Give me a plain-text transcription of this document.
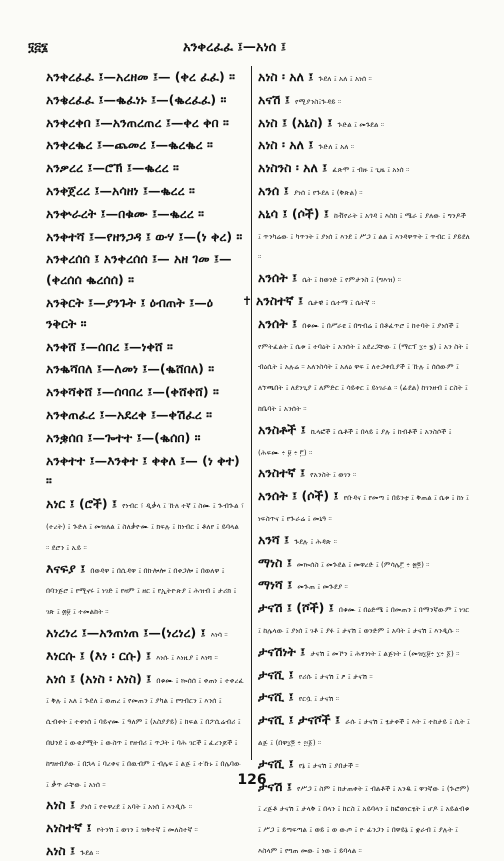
፶፭፮	አንቀረፈፈ ፤—አነሰ ፤
አንቀረፈፈ ፤—አረዘመ ፤— (ቀረ ፈፈ) ።
አንቄረፈፈ ፤—ቈፈነኑ ፤—(ቈረፈፈ) ።
አንቀረቀበ ፤—አንጠረጠረ ፤—ቀረ ቀበ ።
አንቀረቈረ ፤—ጨመረ ፤—ቈረቈረ ።
አንቃረረ ፤—ሮኽ ፤—ቈረረ ።
አንቀጀረረ ፤—አሳዘነ ፤—ቈረረ ።
አንቍራረት ፤—በቁሙ ፤—ቈረረ ።
አንቀተሻ ፤—የዘንጋዳ ፤ ውሃ ፤—(ነ ቀረ) ።
አንቀረሰሰ ፤ አንቀረሰሰ ፤— አዘ ገመ ፤—(ቀረሰሰ ቈረሰሰ) ።
አንቅርት ፤—ያንጉት ፤ ዕብጠት ፤—ዕ ንቅርት ።
አንቀሸ ፤—ሰበረ ፤—ነቀሸ ።
አንቈሻበለ ፤—ለመነ ፤—(ቈሸበለ) ።
አንቀሻቀሸ ፤—ሰባበረ ፤—(ቀሸቀሸ) ።
አንቀጠፈረ ፤—አደረቀ ፤—ቀሽፈረ ።
አንቌሰበ ፤—ጐተተ ፤—(ቈሰበ) ።
አንቀተተ ፤—እንቀተ ፤ ቀቀለ ፤— (ነ ቀተ) ።
አነር ፤ (ሮች) ፤ የነብር ፣ ዲቃላ ፤ ኹለ ተኛ ፤ ስሙ ፤ ጕብጕል ፣ (ተረት) ፤ ጕድለ ፤ መዝለል ፤ ስለቃዮሙ ፤ ክፍሉ ፤ ከነብር ፤ ቶለየ ፤ ይባላል ። ደሮን ፤ ኡይ ።
እናፍያ ፤ በወዳዋ ፤ በሲዳዋ ፤ በኩሎሎ ፤ በቀጋሎ ፤ በወለዋ ፤ በባንጅሮ ፤ የሚኖሩ ፤ ነገድ ፤ የዛም ፤ ዘር ፤ የኢትዮጵያ ፤ ሕዝብ ፤ ታሪክ ፤ ገጽ ፤ ፴፱ ፤ ተመልከት ።
አነረነረ ፤—አንጠነጠ ፤—(ነረነረ) ፤ እነሳ ።
እነርሱ ፤ (እነ ፡ ርሱ) ፤ እነሱ ፤ እነዚያ ፤ እነሻ ።
አነሰ ፤ (አነስ ፡ አነስ) ፤ በቁሙ ፤ ኰሰሰ ፤ ቀጠነ ፤ ተቀረፈ ፤ ቅሉ ፤ አለ ፤ ጕደለ ፤ ወጠረ ፤ የመጠን ፤ ያካል ፤ የግብርን ፤ እንሰ ፤ ሲብቀት ፤ ተቀነሰ ፤ ባይኖሙ ፤ ዓለም ፤ (አስያያይ) ፤ ከፍል ፤ በፖሲሬብሪ ፤ በህንደ ፤ ውቂያሚት ፤ ውስጥ ፤ የዘብሪ ፤ ጥጋት ፤ ባሕ ገርች ፤ ፈረንጆች ፤ ከግዘብያው ፤ በኋላ ፤ ባረቀና ፤ በዉብም ፤ ብሌፍ ፤ ልጅ ፤ ተኹኑ ፤ በሌባው ፤ ቃጥ ራቸው ፤ አነሰ ።
አነስ ፤ ያነሰ ፤ የተዋረደ ፤ አባት ፤ አነሰ ፤ እንዲሱ ።
አነስተኛ ፤ የትንሽ ፤ ወገን ፤ ዝቅተኛ ፤ መለስተኛ ።
አነስ ፤ ጕደል ።
አነስ ፡ አለ ፤ ጕደለ ፤ አለ ፤ አነሰ ።
አናሽ ፤ የሚያንስ፤ጕዳይ ።
አነስ ፤ (አኒስ) ፤ ጕድል ፤ መጉደል ።
አነስ ፡ አለ ፤ ጕድለ ፤ አለ ።
አነስንስ ፡ አለ ፤ ፈጽሞ ፤ ብዙ ፤ ጊዜ ፤ አነሰ ።
አንሰ ፤ ያነሰ ፤ የጕደለ ፤ (ቅጽል) ።
አኒሳ ፤ (ሶች) ፤ ከቭየራት ፤ አጎዳ ፤ እስከ ፤ ሜራ ፤ ያለው ፤ ግንዶች ፤ ጥንካሬው ፤ ካጥንት ፤ ያነሰ ፤ እንደ ፤ ሥጋ ፤ ልል ፤ እንዳዋጥት ፤ ጥብር ፤ ያይደለ ።
አንሰት ፤ ሴት ፤ ከወንድ ፤ የምታንስ ፤ (ግእዝ) ።
✝ አንስተኛ ፤ ሴታዊ ፤ ሴተማ ፤ ሴትኛ ።
አንሰት ፤ በቁሙ ፤ በሥራዩ ፤ በግብሬ ፤ በቶፈጥሮ ፤ ከተባት ፤ ያነሰች ፤ የምትፈልት ፤ ሴቱ ፤ ተባዕት ፤ አንሰት ፤ አደረጋቸው ፤ (ማርፕ ፲፥ ፮) ፤ አን ስት ፤ ብዕሲት ፤ አሉሬ ። አለንስሳት ፤ አለዕ ዋፍ ፤ ለተጋቀቢያች ፤ ኹሉ ፤ ሰሰውም ፤ ለኘጫበት ፤ ለደንጊያ ፤ ለምድር ፤ ሳይቀር ፤ ይነገራል ። (ፊደል) ከገንዘብ ፤ ርስት ፤ ከቤባት ፤ አንሰት ።
አንስቶች ፤ ኪላፎች ፤ ሴቶች ፤ በላይ ፤ ያሉ ፤ ከብቶች ፤ አንስሶች ፤ (ሕፍሙ ፥ ፱ ፥ ፫) ።
አንስተኛ ፤ የአንስት ፤ ወገን ።
አንሰት ፤ (ሶች) ፤ የቡዳና ፤ የመጣ ፤ በይንቲ ፤ ቅጠል ፤ ሴቱ ፤ ከነ ፤ ነፍስጥና ፤ የጕራሬ ፤ መኒዓ ።
አንሻ ፤ ጕደሉ ፤ ሕዳጽ ።
ማነስ ፤ መኰሰስ ፤ መጕደል ፤ መዋረድ ፤ (ምሳሌ፫ ፥ ፳፬) ።
ማነሻ ፤ መጕጠ ፤ መጕደያ ።
ታናሽ ፤ (ሾች) ፤ በቁሙ ፤ በዕድሜ ፤ በመጠን ፤ በማንኛውም ፤ ነገር ፤ ከሌላው ፤ ያነሰ ፤ ገቶ ፤ ያፉ ፤ ታናሽ ፤ ወንድም ፤ አባት ፤ ታናሽ ፤ እንዲሱ ።
ታናሽነት ፤ ታናሽ ፤ መኾን ፤ ሕፃንነት ፤ ልጅነት ፤ (መዝ፲፱፥ ፲፥ ፩) ።
ታናሺ ፤ የሪሱ ፤ ታናሽ ፤ ፆ ፤ ታናሽ ።
ታናሺ ፤ የርሷ ፤ ታናሽ ።
ታናሺ ፤ ታናሾች ፤ ራሱ ፤ ታናሽ ፤ ፂታቀች ፤ እት ፤ ተከታይ ፤ ሲት ፤ ልጅ ፤ (በዋ፲፬ ፥ ፵፩) ።
ታናሺ ፤ የኔ ፤ ታናሽ ፤ ያበታች ።
ታናሽ ፤ የሥጋ ፤ ስም ፤ ከታጠቀት ፤ ብልቶች ፤ አንዱ ፤ ዋንኛው ፤ (ጕሮም) ፤ ረጅቶ ታናሽ ፤ ታላቅ ፤ በላን ፤ ከርስ ፤ አይባላን ፤ ከፎወነርፂት ፤ ሆዶ ፤ አይልብቁ ፤ ሥጋ ፤ ይጣፍጣል ፤ ወይ ፤ ወ ውጦ ፤ ዮ ፊንጋን ፤ በዋይኔ ፤ ቋራብ ፤ ያሉት ፤ እስላም ፤ የግጠ መው ፤ ነው ፤ ይባላል ።
126
